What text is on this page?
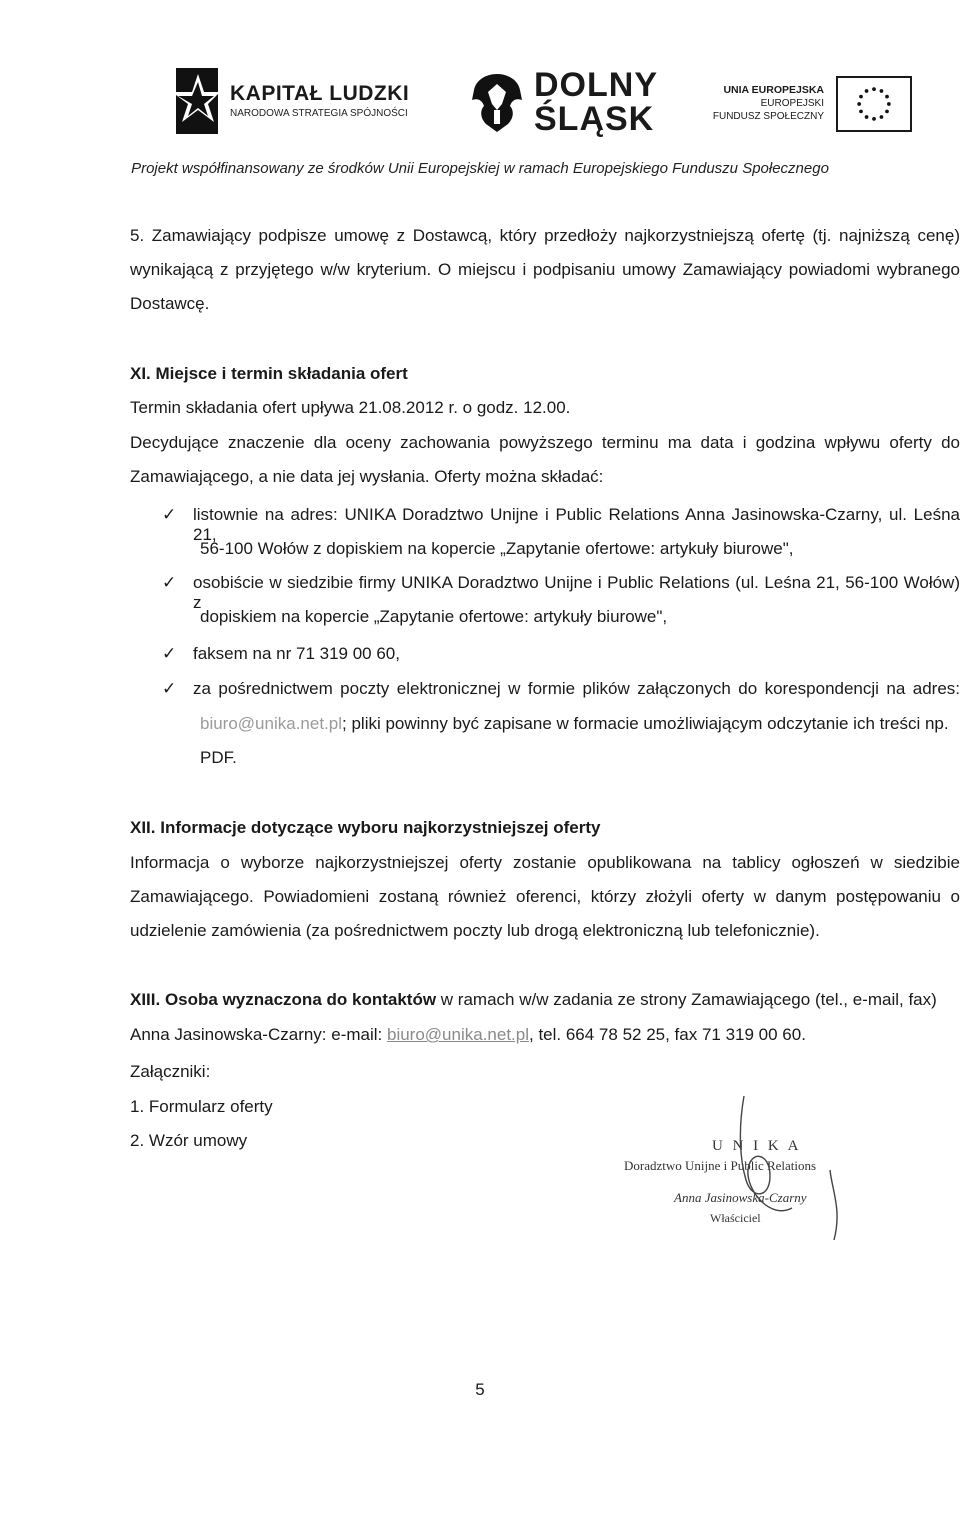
KAPITAŁ LUDZKI
NARODOWA STRATEGIA SPÓJNOŚCI
DOLNY
ŚLĄSK
UNIA EUROPEJSKA
EUROPEJSKI
FUNDUSZ SPOŁECZNY
Projekt współfinansowany ze środków Unii Europejskiej w ramach Europejskiego Funduszu Społecznego
5. Zamawiający podpisze umowę z Dostawcą, który przedłoży najkorzystniejszą ofertę (tj. najniższą cenę)
wynikającą z przyjętego w/w kryterium. O miejscu i podpisaniu umowy Zamawiający powiadomi wybranego
Dostawcę.
XI. Miejsce i termin składania ofert
Termin składania ofert upływa 21.08.2012 r. o godz. 12.00.
Decydujące znaczenie dla oceny zachowania powyższego terminu ma data i godzina wpływu oferty do
Zamawiającego, a nie data jej wysłania. Oferty można składać:
✓ listownie na adres: UNIKA Doradztwo Unijne i Public Relations Anna Jasinowska-Czarny, ul. Leśna 21,
56-100 Wołów z dopiskiem na kopercie „Zapytanie ofertowe: artykuły biurowe",
✓ osobiście w siedzibie firmy UNIKA Doradztwo Unijne i Public Relations (ul. Leśna 21, 56-100 Wołów) z
dopiskiem na kopercie „Zapytanie ofertowe: artykuły biurowe",
✓ faksem na nr 71 319 00 60,
✓ za pośrednictwem poczty elektronicznej w formie plików załączonych do korespondencji na adres:
biuro@unika.net.pl; pliki powinny być zapisane w formacie umożliwiającym odczytanie ich treści np.
PDF.
XII. Informacje dotyczące wyboru najkorzystniejszej oferty
Informacja o wyborze najkorzystniejszej oferty zostanie opublikowana na tablicy ogłoszeń w siedzibie
Zamawiającego. Powiadomieni zostaną również oferenci, którzy złożyli oferty w danym postępowaniu o
udzielenie zamówienia (za pośrednictwem poczty lub drogą elektroniczną lub telefonicznie).
XIII. Osoba wyznaczona do kontaktów w ramach w/w zadania ze strony Zamawiającego (tel., e-mail, fax)
Anna Jasinowska-Czarny: e-mail: biuro@unika.net.pl, tel. 664 78 52 25, fax 71 319 00 60.
Załączniki:
1. Formularz oferty
2. Wzór umowy	U N I K A
Doradztwo Unijne i Public Relations
Anna Jasinowska-Czarny
Właściciel
5
